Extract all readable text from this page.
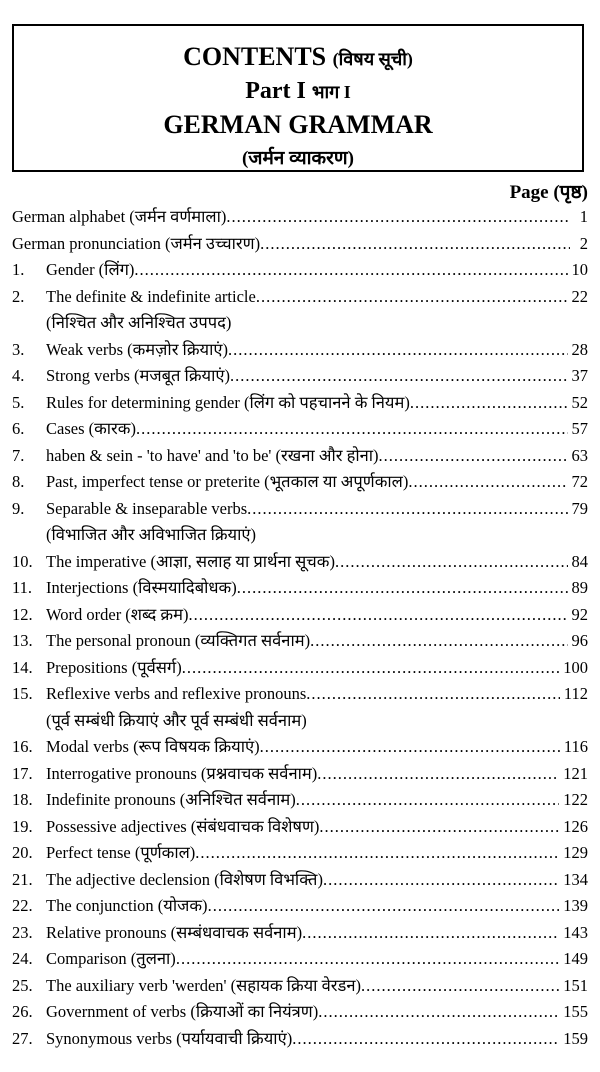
CONTENTS (विषय सूची)
Part I भाग I
GERMAN GRAMMAR
(जर्मन व्याकरण)
Page (पृष्ठ)
German alphabet (जर्मन वर्णमाला) .....	1
German pronunciation (जर्मन उच्चारण) .....	2
1.	Gender (लिंग) .....	10
2.	The definite & indefinite article .....	22
(निश्चित और अनिश्चित उपपद)
3.	Weak verbs (कमज़ोर क्रियाएं) .....	28
4.	Strong verbs (मजबूत क्रियाएं) .....	37
5.	Rules for determining gender (लिंग को पहचानने के नियम) .....	52
6.	Cases (कारक) .....	57
7.	haben & sein - 'to have' and 'to be' (रखना और होना) .....	63
8.	Past, imperfect tense or preterite (भूतकाल या अपूर्णकाल) .....	72
9.	Separable & inseparable verbs .....	79
(विभाजित और अविभाजित क्रियाएं)
10. The imperative (आज्ञा, सलाह या प्रार्थना सूचक) .....	84
11. Interjections (विस्मयादिबोधक) .....	89
12. Word order (शब्द क्रम) .....	92
13. The personal pronoun (व्यक्तिगत सर्वनाम) .....	96
14. Prepositions (पूर्वसर्ग) .....	100
15. Reflexive verbs and reflexive pronouns .....	112
(पूर्व सम्बंधी क्रियाएं और पूर्व सम्बंधी सर्वनाम)
16. Modal verbs (रूप विषयक क्रियाएं) .....	116
17. Interrogative pronouns (प्रश्नवाचक सर्वनाम) .....	121
18. Indefinite pronouns (अनिश्चित सर्वनाम) .....	122
19. Possessive adjectives (संबंधवाचक विशेषण) .....	126
20. Perfect tense (पूर्णकाल) .....	129
21. The adjective declension (विशेषण विभक्ति) .....	134
22. The conjunction (योजक) .....	139
23. Relative pronouns (सम्बंधवाचक सर्वनाम) .....	143
24. Comparison (तुलना) .....	149
25. The auxiliary verb 'werden' (सहायक क्रिया वेरडन) .....	151
26. Government of verbs (क्रियाओं का नियंत्रण) .....	155
27. Synonymous verbs (पर्यायवाची क्रियाएं) .....	159
